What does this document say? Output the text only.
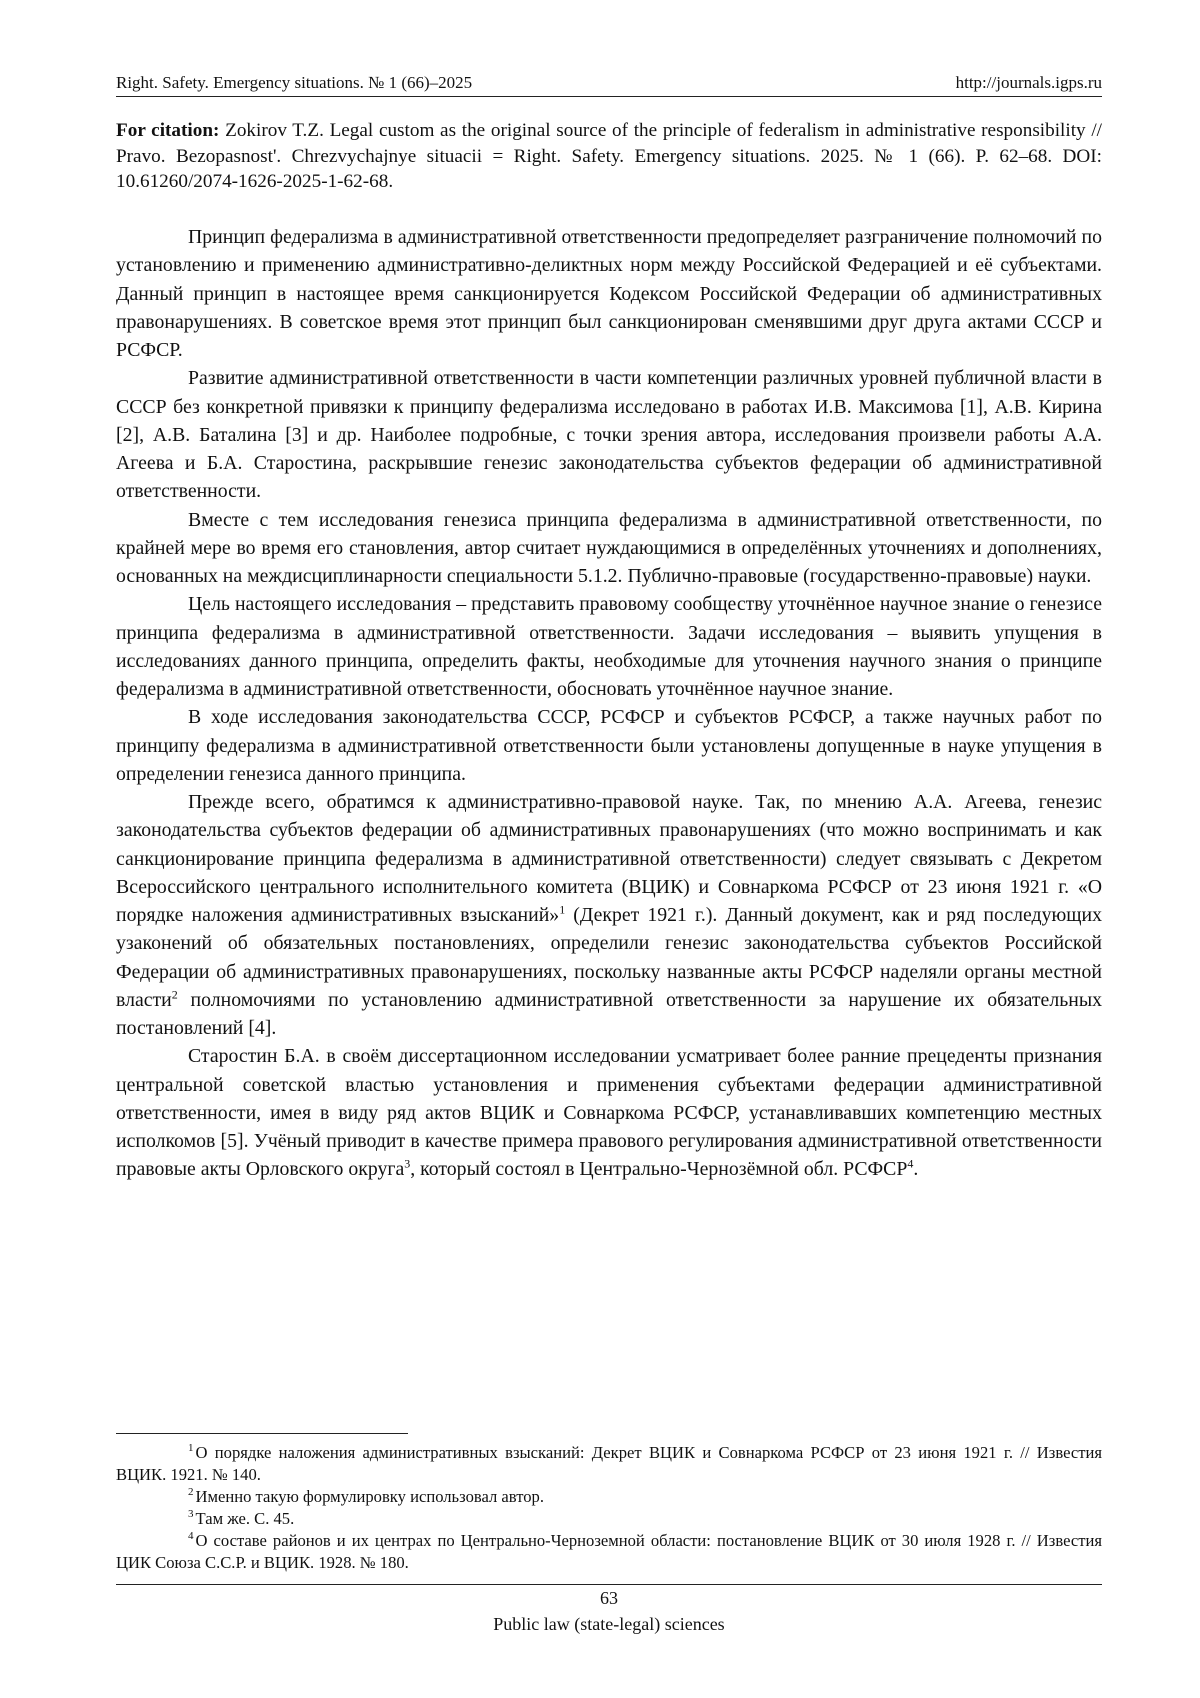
Right. Safety. Emergency situations. № 1 (66)–2025	http://journals.igps.ru

For citation: Zokirov T.Z. Legal custom as the original source of the principle of federalism in administrative responsibility // Pravo. Bezopasnost'. Chrezvychajnye situacii = Right. Safety. Emergency situations. 2025. № 1 (66). P. 62–68. DOI: 10.61260/2074-1626-2025-1-62-68.

Принцип федерализма в административной ответственности предопределяет разграничение полномочий по установлению и применению административно-деликтных норм между Российской Федерацией и её субъектами. Данный принцип в настоящее время санкционируется Кодексом Российской Федерации об административных правонарушениях. В советское время этот принцип был санкционирован сменявшими друг друга актами СССР и РСФСР.

Развитие административной ответственности в части компетенции различных уровней публичной власти в СССР без конкретной привязки к принципу федерализма исследовано в работах И.В. Максимова [1], А.В. Кирина [2], А.В. Баталина [3] и др. Наиболее подробные, с точки зрения автора, исследования произвели работы А.А. Агеева и Б.А. Старостина, раскрывшие генезис законодательства субъектов федерации об административной ответственности.

Вместе с тем исследования генезиса принципа федерализма в административной ответственности, по крайней мере во время его становления, автор считает нуждающимися в определённых уточнениях и дополнениях, основанных на междисциплинарности специальности 5.1.2. Публично-правовые (государственно-правовые) науки.

Цель настоящего исследования – представить правовому сообществу уточнённое научное знание о генезисе принципа федерализма в административной ответственности. Задачи исследования – выявить упущения в исследованиях данного принципа, определить факты, необходимые для уточнения научного знания о принципе федерализма в административной ответственности, обосновать уточнённое научное знание.

В ходе исследования законодательства СССР, РСФСР и субъектов РСФСР, а также научных работ по принципу федерализма в административной ответственности были установлены допущенные в науке упущения в определении генезиса данного принципа.

Прежде всего, обратимся к административно-правовой науке. Так, по мнению А.А. Агеева, генезис законодательства субъектов федерации об административных правонарушениях (что можно воспринимать и как санкционирование принципа федерализма в административной ответственности) следует связывать с Декретом Всероссийского центрального исполнительного комитета (ВЦИК) и Совнаркома РСФСР от 23 июня 1921 г. «О порядке наложения административных взысканий»$^1$ (Декрет 1921 г.). Данный документ, как и ряд последующих узаконений об обязательных постановлениях, определили генезис законодательства субъектов Российской Федерации об административных правонарушениях, поскольку названные акты РСФСР наделяли органы местной власти$^2$ полномочиями по установлению административной ответственности за нарушение их обязательных постановлений [4].

Старостин Б.А. в своём диссертационном исследовании усматривает более ранние прецеденты признания центральной советской властью установления и применения субъектами федерации административной ответственности, имея в виду ряд актов ВЦИК и Совнаркома РСФСР, устанавливавших компетенцию местных исполкомов [5]. Учёный приводит в качестве примера правового регулирования административной ответственности правовые акты Орловского округа$^3$, который состоял в Центрально-Чернозёмной обл. РСФСР$^4$.

$^1$ О порядке наложения административных взысканий: Декрет ВЦИК и Совнаркома РСФСР от 23 июня 1921 г. // Известия ВЦИК. 1921. № 140.

$^2$ Именно такую формулировку использовал автор.

$^3$ Там же. С. 45.

$^4$ О составе районов и их центрах по Центрально-Черноземной области: постановление ВЦИК от 30 июля 1928 г. // Известия ЦИК Союза С.С.Р. и ВЦИК. 1928. № 180.

63
Public law (state-legal) sciences
